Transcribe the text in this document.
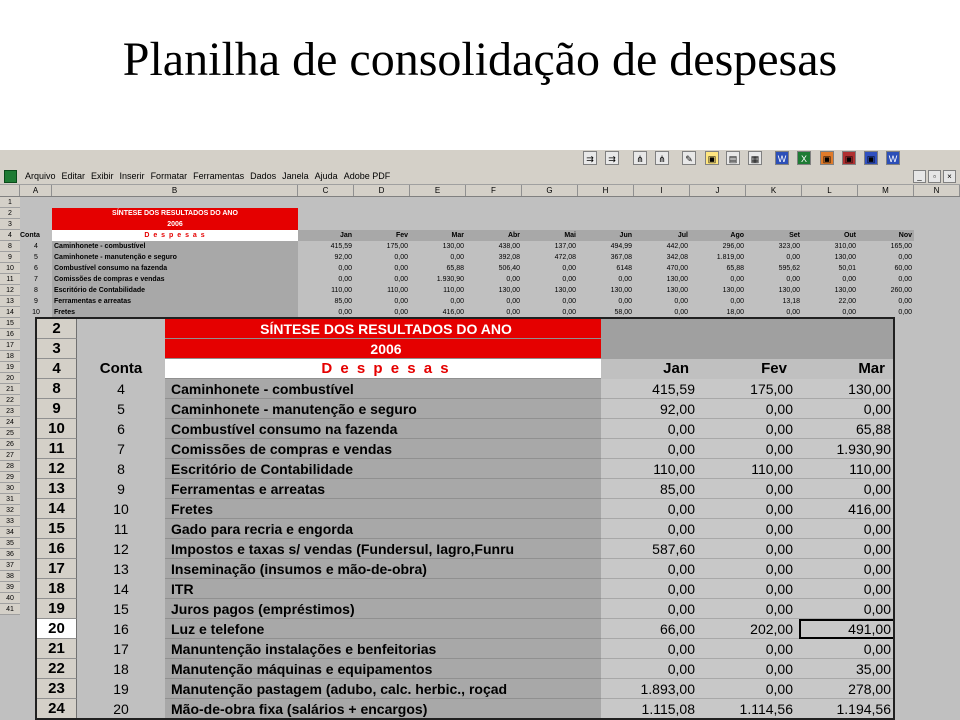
Planilha de consolidação de despesas
⇉	⇉	⋔	⋔	✎	▣	▤	▦	W	X	▣	▣	▣	W
Arquivo Editar Exibir Inserir Formatar Ferramentas Dados Janela Ajuda Adobe PDF	_	▫	×
A	B	C	D	E	F	G	H	I	J	K	L	M	N
1
2	SÍNTESE DOS RESULTADOS DO ANO
3	2006
4	Conta	D e s p e s a s	Jan	Fev	Mar	Abr	Mai	Jun	Jul	Ago	Set	Out	Nov
8	4	Caminhonete - combustível	415,59	175,00	130,00	438,00	137,00	494,99	442,00	296,00	323,00	310,00	165,00
9	5	Caminhonete - manutenção e seguro	92,00	0,00	0,00	392,08	472,08	367,08	342,08	1.819,00	0,00	130,00	0,00
10	6	Combustível consumo na fazenda	0,00	0,00	65,88	506,40	0,00	6148	470,00	65,88	595,62	50,01	60,00
11	7	Comissões de compras e vendas	0,00	0,00	1.930,90	0,00	0,00	0,00	130,00	0,00	0,00	0,00	0,00
12	8	Escritório de Contabilidade	110,00	110,00	110,00	130,00	130,00	130,00	130,00	130,00	130,00	130,00	260,00
13	9	Ferramentas e arreatas	85,00	0,00	0,00	0,00	0,00	0,00	0,00	0,00	13,18	22,00	0,00
14	10	Fretes	0,00	0,00	416,00	0,00	0,00	58,00	0,00	18,00	0,00	0,00	0,00
15
16
17
18
19
20
21
22
23
24
25
26
27
28
29
30
31
32
33
34
35
36
37
38
39
40
41
2	SÍNTESE DOS RESULTADOS DO ANO
3	2006
4	Conta	D e s p e s a s	Jan	Fev	Mar
8	4	Caminhonete - combustível	415,59	175,00	130,00
9	5	Caminhonete - manutenção e seguro	92,00	0,00	0,00
10	6	Combustível consumo na fazenda	0,00	0,00	65,88
11	7	Comissões de compras e vendas	0,00	0,00	1.930,90
12	8	Escritório de Contabilidade	110,00	110,00	110,00
13	9	Ferramentas e arreatas	85,00	0,00	0,00
14	10	Fretes	0,00	0,00	416,00
15	11	Gado para recria e engorda	0,00	0,00	0,00
16	12	Impostos e taxas s/ vendas (Fundersul, Iagro,Funru	587,60	0,00	0,00
17	13	Inseminação (insumos e mão-de-obra)	0,00	0,00	0,00
18	14	ITR	0,00	0,00	0,00
19	15	Juros pagos (empréstimos)	0,00	0,00	0,00
20	16	Luz e telefone	66,00	202,00	491,00
21	17	Manuntenção instalações e benfeitorias	0,00	0,00	0,00
22	18	Manutenção máquinas e equipamentos	0,00	0,00	35,00
23	19	Manutenção pastagem (adubo, calc. herbic., roçad	1.893,00	0,00	278,00
24	20	Mão-de-obra fixa (salários + encargos)	1.115,08	1.114,56	1.194,56
